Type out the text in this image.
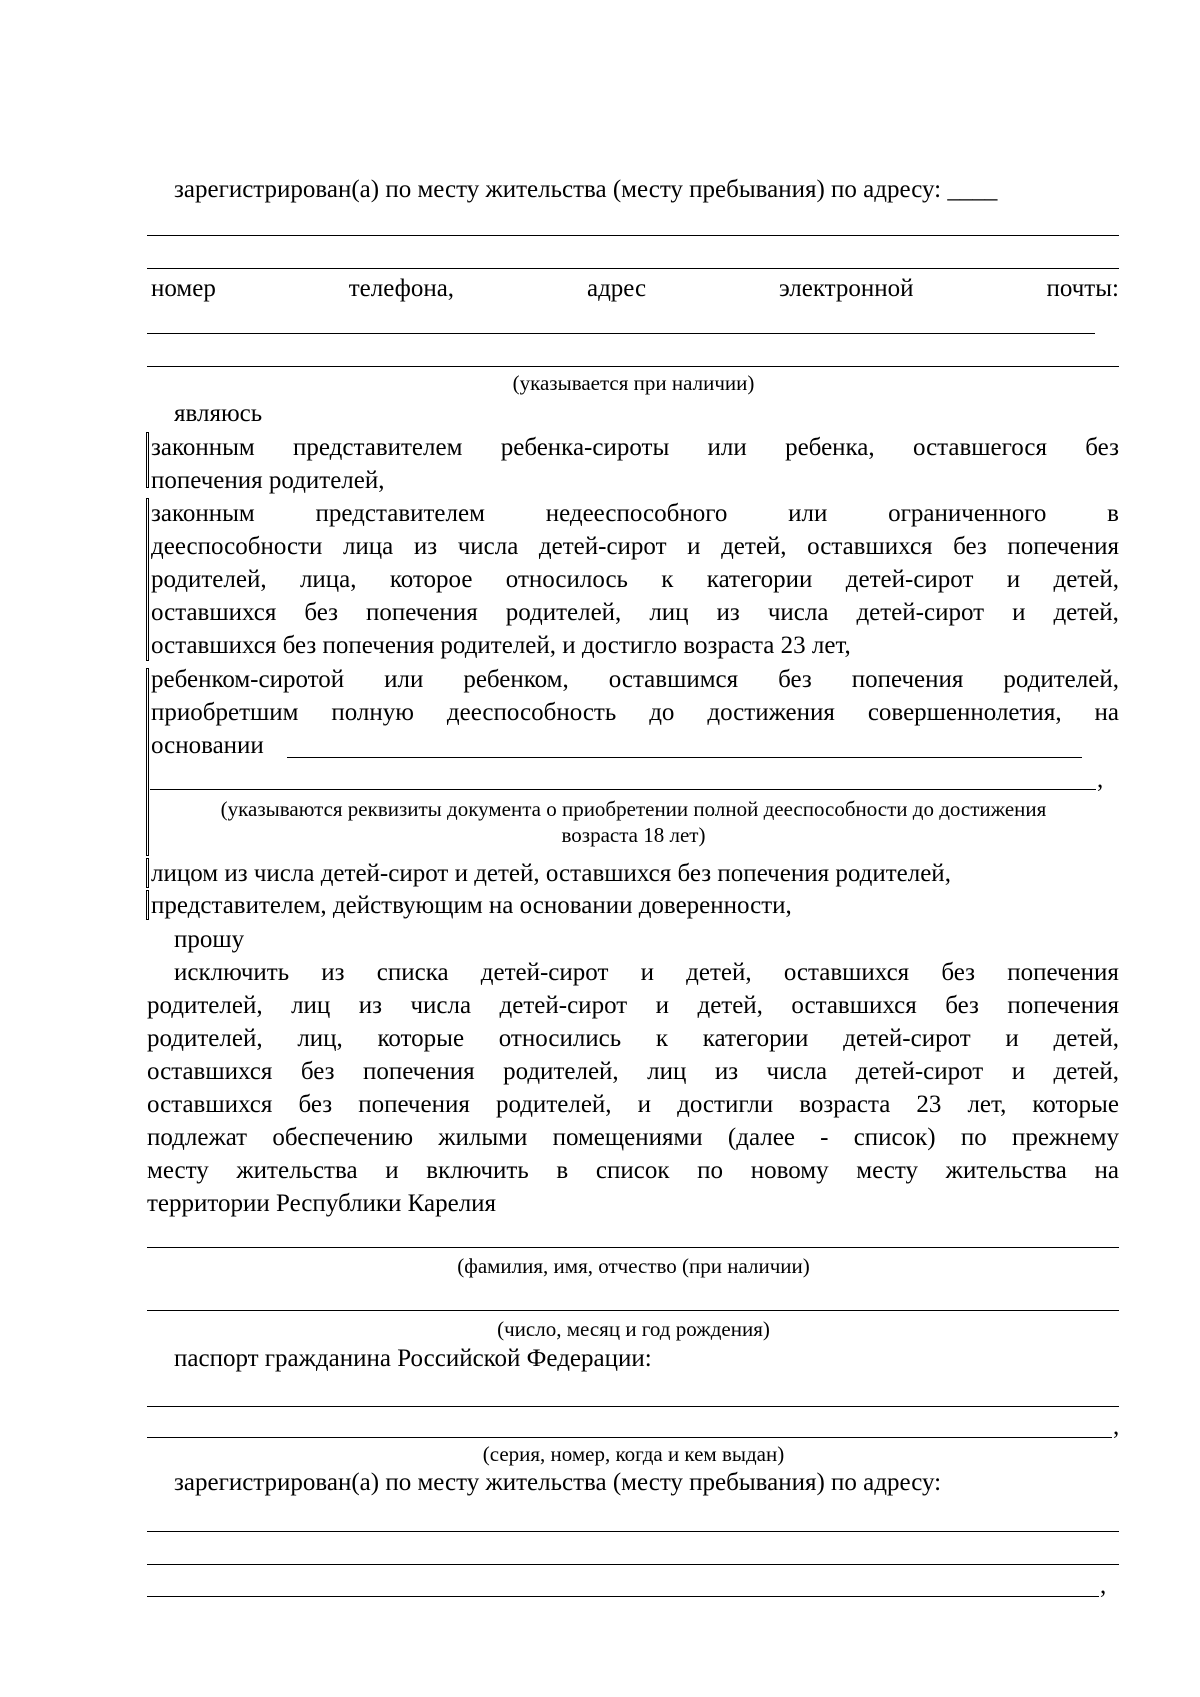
зарегистрирован(а) по месту жительства (месту пребывания) по адресу: ____
номер	телефона,	адрес	электронной	почты:
(указывается при наличии)
являюсь
законным представителем ребенка-сироты или ребенка, оставшегося без
попечения родителей,
законным представителем недееспособного или ограниченного в
дееспособности лица из числа детей-сирот и детей, оставшихся без попечения
родителей, лица, которое относилось к категории детей-сирот и детей,
оставшихся без попечения родителей, лиц из числа детей-сирот и детей,
оставшихся без попечения родителей, и достигло возраста 23 лет,
ребенком-сиротой или ребенком, оставшимся без попечения родителей,
приобретшим полную дееспособность до достижения совершеннолетия, на
основании
,
(указываются реквизиты документа о приобретении полной дееспособности до достижения
возраста 18 лет)
лицом из числа детей-сирот и детей, оставшихся без попечения родителей,
представителем, действующим на основании доверенности,
прошу
исключить из списка детей-сирот и детей, оставшихся без попечения
родителей, лиц из числа детей-сирот и детей, оставшихся без попечения
родителей, лиц, которые относились к категории детей-сирот и детей,
оставшихся без попечения родителей, лиц из числа детей-сирот и детей,
оставшихся без попечения родителей, и достигли возраста 23 лет, которые
подлежат обеспечению жилыми помещениями (далее - список) по прежнему
месту жительства и включить в список по новому месту жительства на
территории Республики Карелия
(фамилия, имя, отчество (при наличии)
(число, месяц и год рождения)
паспорт гражданина Российской Федерации:
,
(серия, номер, когда и кем выдан)
зарегистрирован(а) по месту жительства (месту пребывания) по адресу:
,
